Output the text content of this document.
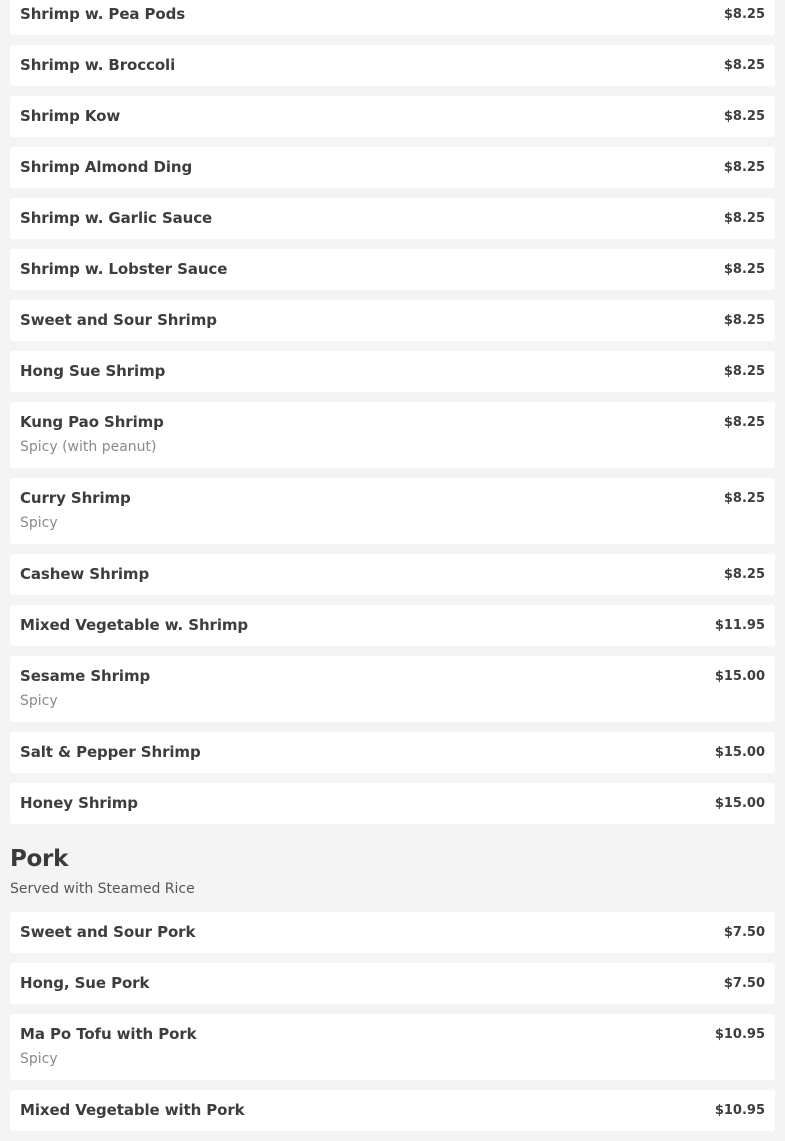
Shrimp w. Pea Pods	$8.25
Shrimp w. Broccoli	$8.25
Shrimp Kow	$8.25
Shrimp Almond Ding	$8.25
Shrimp w. Garlic Sauce	$8.25
Shrimp w. Lobster Sauce	$8.25
Sweet and Sour Shrimp	$8.25
Hong Sue Shrimp	$8.25
Kung Pao Shrimp	$8.25
Spicy (with peanut)
Curry Shrimp	$8.25
Spicy
Cashew Shrimp	$8.25
Mixed Vegetable w. Shrimp	$11.95
Sesame Shrimp	$15.00
Spicy
Salt & Pepper Shrimp	$15.00
Honey Shrimp	$15.00
Pork
Served with Steamed Rice
Sweet and Sour Pork	$7.50
Hong, Sue Pork	$7.50
Ma Po Tofu with Pork	$10.95
Spicy
Mixed Vegetable with Pork	$10.95
